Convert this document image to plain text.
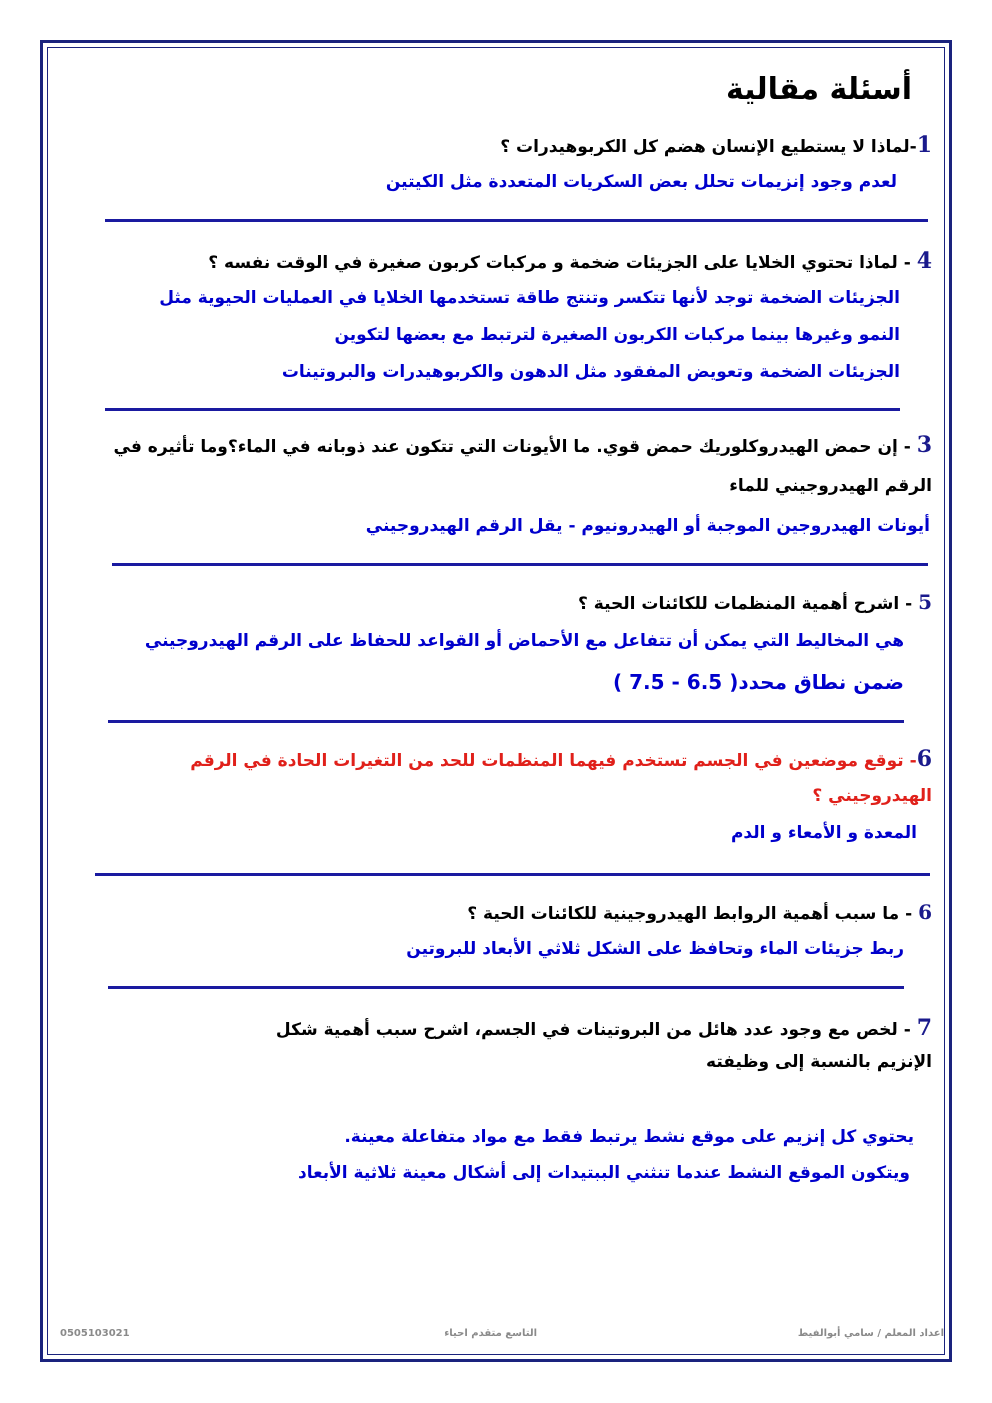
أسئلة مقالية
1-لماذا لا يستطيع الإنسان هضم كل الكربوهيدرات ؟
لعدم وجود إنزيمات تحلل بعض السكريات المتعددة مثل الكيتين
4 - لماذا تحتوي الخلايا على الجزيئات ضخمة و مركبات كربون صغيرة في الوقت نفسه ؟
الجزيئات الضخمة توجد لأنها تتكسر وتنتج طاقة تستخدمها الخلايا في العمليات الحيوية مثل
النمو وغيرها بينما مركبات الكربون الصغيرة لترتبط مع بعضها لتكوين
الجزيئات الضخمة وتعويض المفقود مثل الدهون والكربوهيدرات والبروتينات
3 - إن حمض الهيدروكلوريك حمض قوي. ما الأيونات التي تتكون عند ذوبانه في الماء؟وما تأثيره في
الرقم الهيدروجيني للماء
أيونات الهيدروجين الموجبة أو الهيدرونيوم - يقل الرقم الهيدروجيني
5 - اشرح أهمية المنظمات للكائنات الحية ؟
هي المخاليط التي يمكن أن تتفاعل مع الأحماض أو القواعد للحفاظ على الرقم الهيدروجيني
ضمن نطاق محدد( 6.5 - 7.5 )
6- توقع موضعين في الجسم تستخدم فيهما المنظمات للحد من التغيرات الحادة في الرقم
الهيدروجيني ؟
المعدة و الأمعاء و الدم
6 - ما سبب أهمية الروابط الهيدروجينية للكائنات الحية ؟
ربط جزيئات الماء وتحافظ على الشكل ثلاثي الأبعاد للبروتين
7 - لخص مع وجود عدد هائل من البروتينات في الجسم، اشرح سبب أهمية شكل
الإنزيم بالنسبة إلى وظيفته
يحتوي كل إنزيم على موقع نشط يرتبط فقط مع مواد متفاعلة معينة.
ويتكون الموقع النشط عندما تنثني الببتيدات إلى أشكال معينة ثلاثية الأبعاد
اعداد المعلم / سامي أبوالفيط
التاسع متقدم احياء
0505103021
